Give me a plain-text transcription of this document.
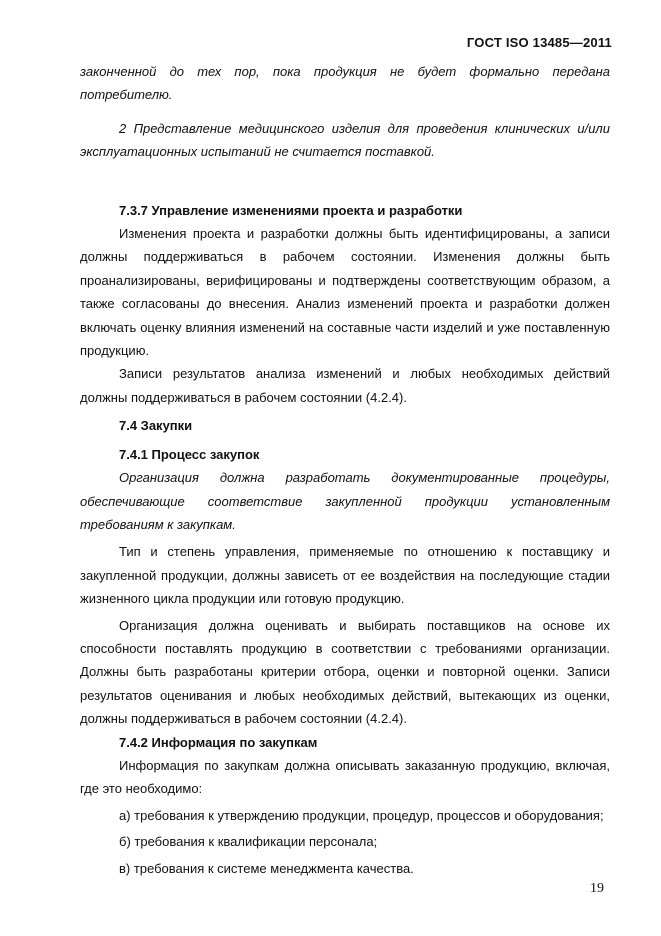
ГОСТ ISO 13485—2011

законченной до тех пор, пока продукция не будет формально передана потребителю.

2 Представление медицинского изделия для проведения клинических и/или эксплуатационных испытаний не считается поставкой.

7.3.7 Управление изменениями проекта и разработки

Изменения проекта и разработки должны быть идентифицированы, а записи должны поддерживаться в рабочем состоянии. Изменения должны быть проанализированы, верифицированы и подтверждены соответствующим образом, а также согласованы до внесения. Анализ изменений проекта и разработки должен включать оценку влияния изменений на составные части изделий и уже поставленную продукцию.

Записи результатов анализа изменений и любых необходимых действий должны поддерживаться в рабочем состоянии (4.2.4).

7.4 Закупки

7.4.1 Процесс закупок

Организация должна разработать документированные процедуры, обеспечивающие соответствие закупленной продукции установленным требованиям к закупкам.

Тип и степень управления, применяемые по отношению к поставщику и закупленной продукции, должны зависеть от ее воздействия на последующие стадии жизненного цикла продукции или готовую продукцию.

Организация должна оценивать и выбирать поставщиков на основе их способности поставлять продукцию в соответствии с требованиями организации. Должны быть разработаны критерии отбора, оценки и повторной оценки. Записи результатов оценивания и любых необходимых действий, вытекающих из оценки, должны поддерживаться в рабочем состоянии (4.2.4).

7.4.2 Информация по закупкам

Информация по закупкам должна описывать заказанную продукцию, включая, где это необходимо:

а) требования к утверждению продукции, процедур, процессов и оборудования;

б) требования к квалификации персонала;

в) требования к системе менеджмента качества.

19
